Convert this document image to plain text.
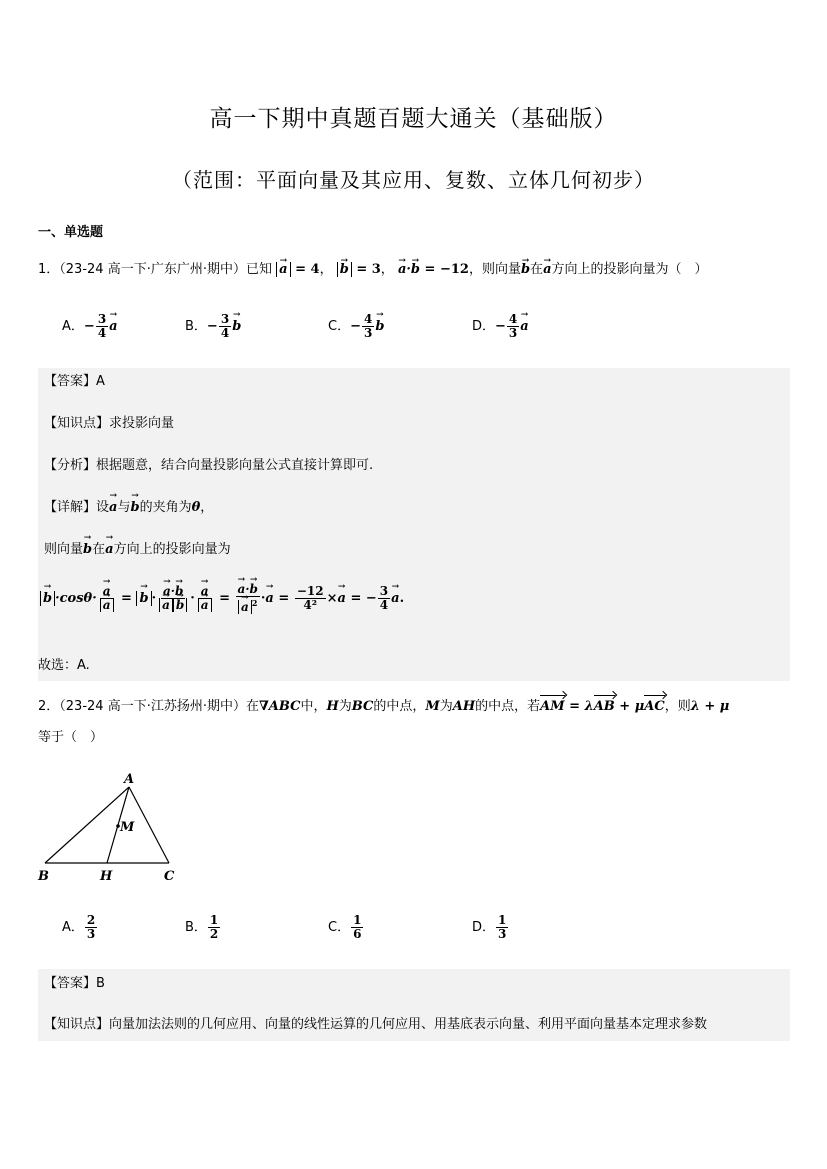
高一下期中真题百题大通关（基础版）
（范围：平面向量及其应用、复数、立体几何初步）
一、单选题
1．（23-24 高一下·广东广州·期中）已知 → a = 4， → b = 3， → a·→ b = −12，则向量→ b在→ a方向上的投影向量为（　）
A．− $\frac{3}{4} \to a$	B．− $\frac{3}{4} \to b$	C．− $\frac{4}{3} \to b$	D．− $\frac{4}{3} \to a$
【答案】A
【知识点】求投影向量
【分析】根据题意，结合向量投影向量公式直接计算即可.
【详解】设→ a与→ b的夹角为θ，
则向量→ b在→ a方向上的投影向量为
→ b ·cosθ· → a
→ a = → b · → a·→ b
→ a → b · → a
→ a = → a·→ b
→ a $^2 \cdot\to a = \frac{-12}{\text{4²}} \times\to a$ = − $\frac{3}{4} \to a$.
故选：A.
2．（23-24 高一下·江苏扬州·期中）在∇ABC中，H为BC的中点，M为AH的中点，若AM = λAB + μAC，则λ + μ
等于（　）
A
M
B	H	C
A． $\frac{2}{3}$	B． $\frac{1}{2}$	C． $\frac{1}{6}$	D． $\frac{1}{3}$
【答案】B
【知识点】向量加法法则的几何应用、向量的线性运算的几何应用、用基底表示向量、利用平面向量基本定理求参数
